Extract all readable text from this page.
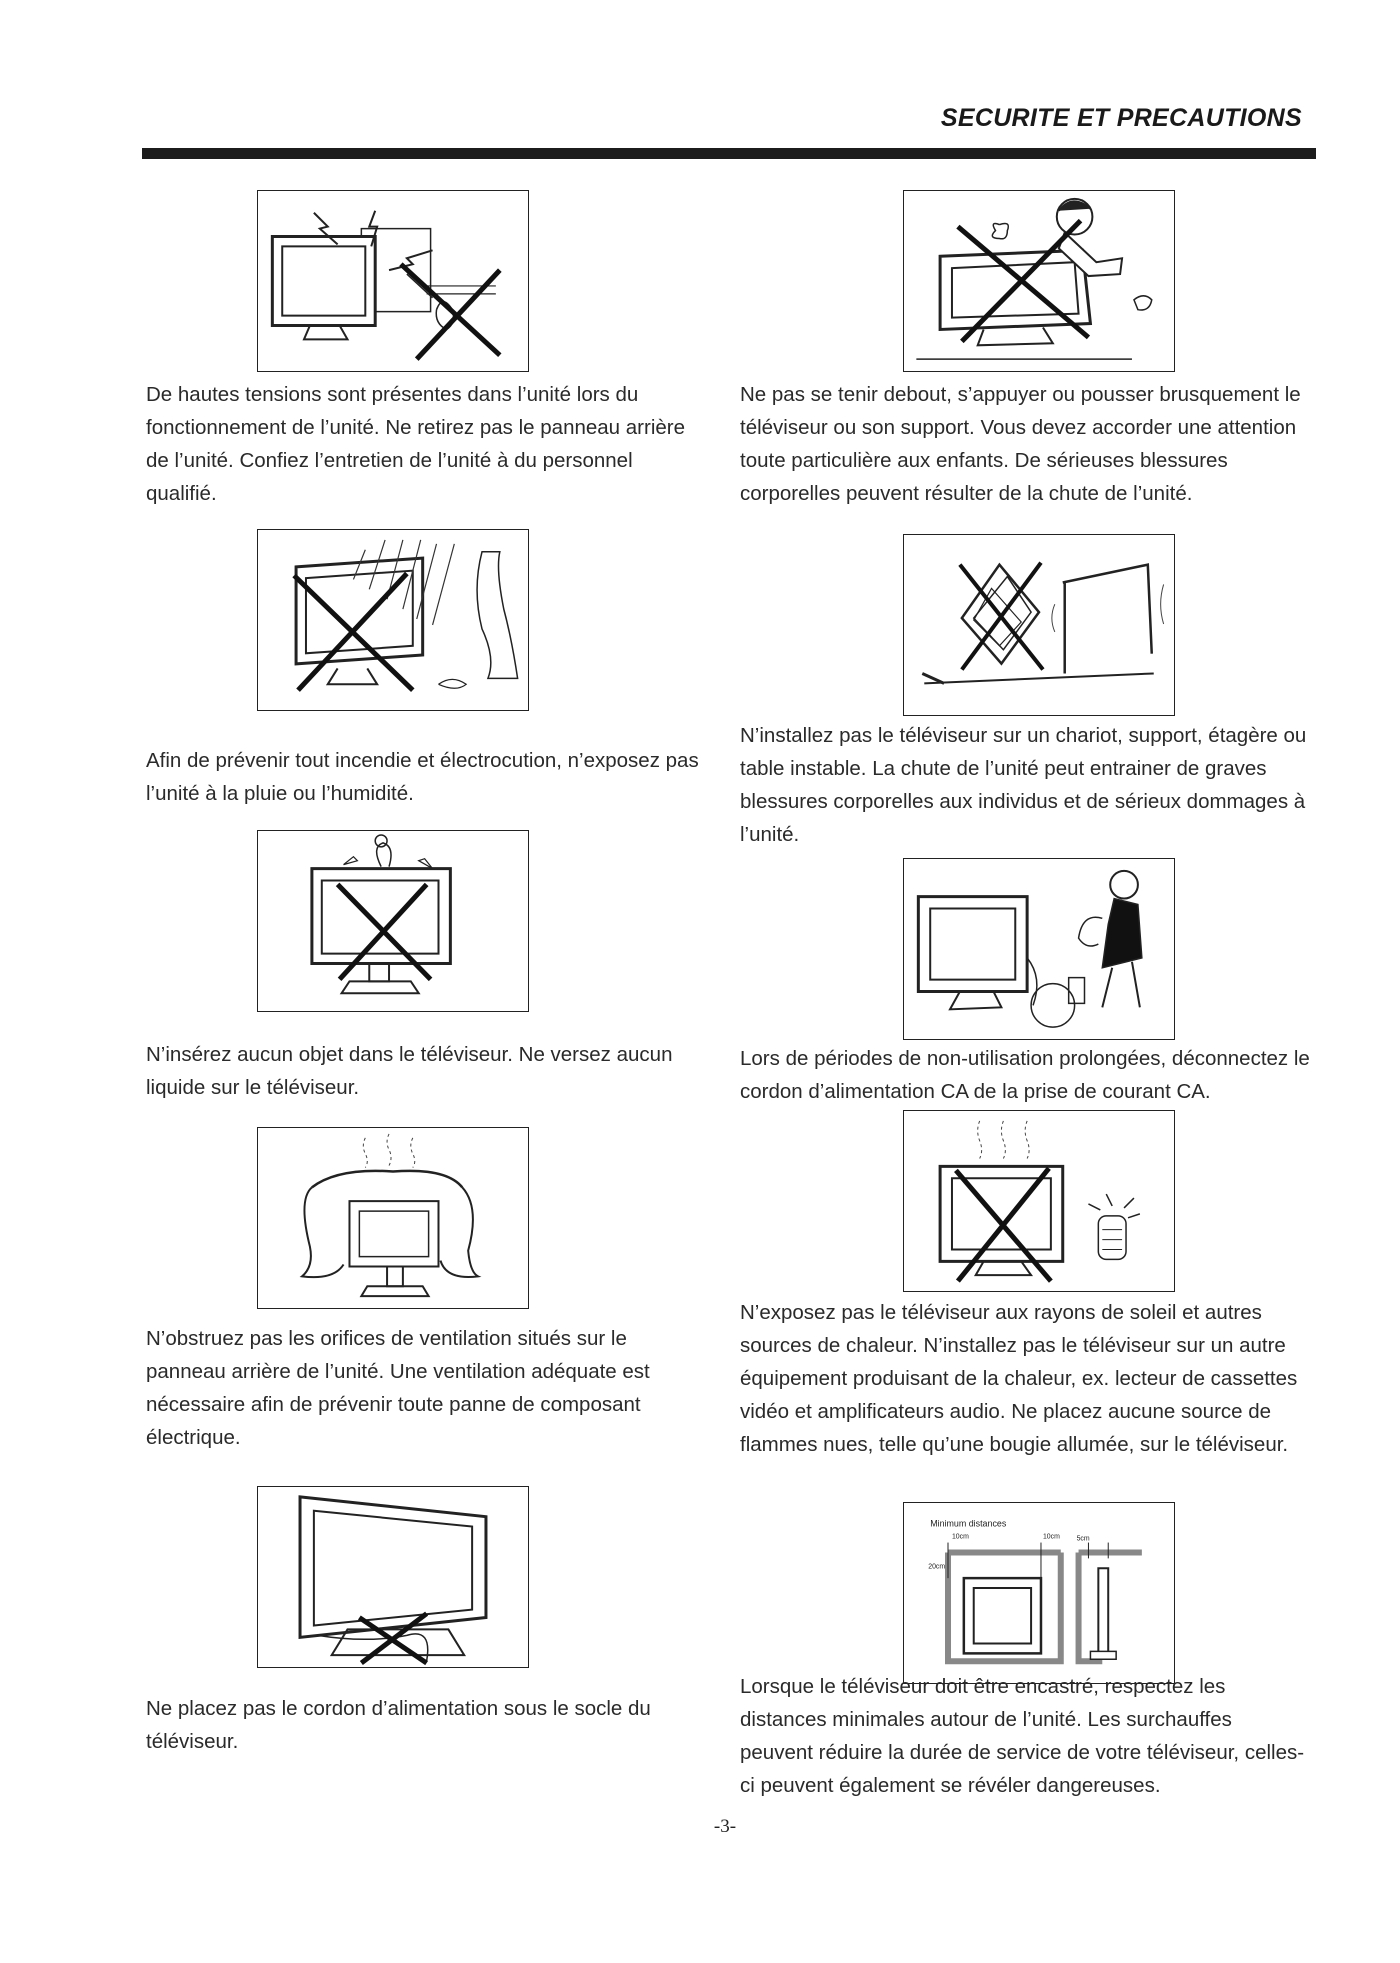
SECURITE ET PRECAUTIONS
De hautes tensions sont présentes dans l’unité lors du fonctionnement de l’unité. Ne retirez pas le panneau arrière de l’unité. Confiez l’entretien de l’unité à du personnel qualifié.
Afin de prévenir tout incendie et électrocution, n’exposez pas l’unité à la pluie ou l’humidité.
N’insérez aucun objet dans le téléviseur. Ne versez aucun liquide sur le téléviseur.
N’obstruez pas les orifices de ventilation situés sur le panneau arrière de l’unité. Une ventilation adéquate est nécessaire afin de prévenir toute panne de composant électrique.
Ne placez pas le cordon d’alimentation sous le socle du téléviseur.
Ne pas se tenir debout, s’appuyer ou pousser brusquement le téléviseur ou son support. Vous devez accorder une attention toute particulière aux enfants. De sérieuses blessures corporelles peuvent résulter de la chute de l’unité.
N’installez pas le téléviseur sur un chariot, support, étagère ou table instable. La chute de l’unité peut entrainer de graves blessures corporelles aux individus et de sérieux dommages à l’unité.
Lors de périodes de non-utilisation prolongées, déconnectez le cordon d’alimentation CA de la prise de courant CA.
N’exposez pas le téléviseur aux rayons de soleil et autres sources de chaleur. N’installez pas le téléviseur sur un autre équipement produisant de la chaleur, ex. lecteur de cassettes vidéo et amplificateurs audio. Ne placez aucune source de flammes nues, telle qu’une bougie allumée, sur le téléviseur.
Minimum distances
10cm	10cm 5cm
20cm
Lorsque le téléviseur doit être encastré, respectez les distances minimales autour de l’unité. Les surchauffes peuvent réduire la durée de service de votre téléviseur, celles-ci peuvent également se révéler dangereuses.
-3-
